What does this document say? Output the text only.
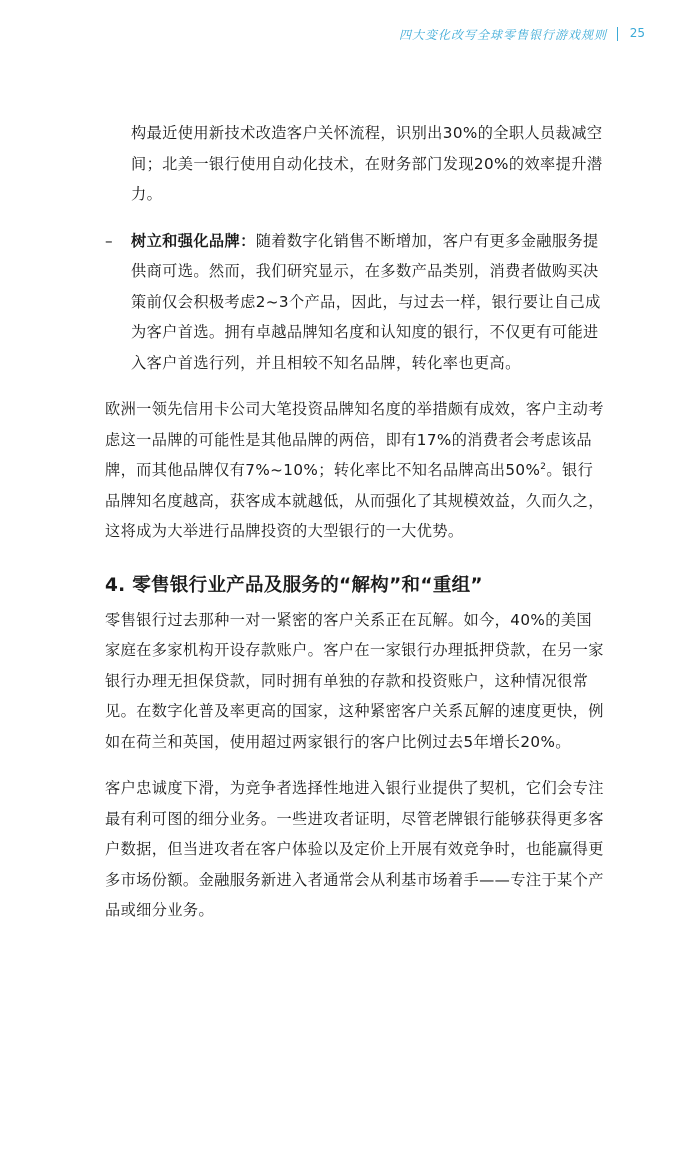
四大变化改写全球零售银行游戏规则 25

构最近使用新技术改造客户关怀流程，识别出30%的全职人员裁减空间；北美一银行使用自动化技术，在财务部门发现20%的效率提升潜力。

–	树立和强化品牌：随着数字化销售不断增加，客户有更多金融服务提供商可选。然而，我们研究显示，在多数产品类别，消费者做购买决策前仅会积极考虑2~3个产品，因此，与过去一样，银行要让自己成为客户首选。拥有卓越品牌知名度和认知度的银行，不仅更有可能进入客户首选行列，并且相较不知名品牌，转化率也更高。

欧洲一领先信用卡公司大笔投资品牌知名度的举措颇有成效，客户主动考虑这一品牌的可能性是其他品牌的两倍，即有17%的消费者会考虑该品牌，而其他品牌仅有7%~10%；转化率比不知名品牌高出50%$^2$。银行品牌知名度越高，获客成本就越低，从而强化了其规模效益，久而久之，这将成为大举进行品牌投资的大型银行的一大优势。

4. 零售银行业产品及服务的“解构”和“重组”

零售银行过去那种一对一紧密的客户关系正在瓦解。如今，40%的美国家庭在多家机构开设存款账户。客户在一家银行办理抵押贷款，在另一家银行办理无担保贷款，同时拥有单独的存款和投资账户，这种情况很常见。在数字化普及率更高的国家，这种紧密客户关系瓦解的速度更快，例如在荷兰和英国，使用超过两家银行的客户比例过去5年增长20%。

客户忠诚度下滑，为竞争者选择性地进入银行业提供了契机，它们会专注最有利可图的细分业务。一些进攻者证明，尽管老牌银行能够获得更多客户数据，但当进攻者在客户体验以及定价上开展有效竞争时，也能赢得更多市场份额。金融服务新进入者通常会从利基市场着手——专注于某个产品或细分业务。
